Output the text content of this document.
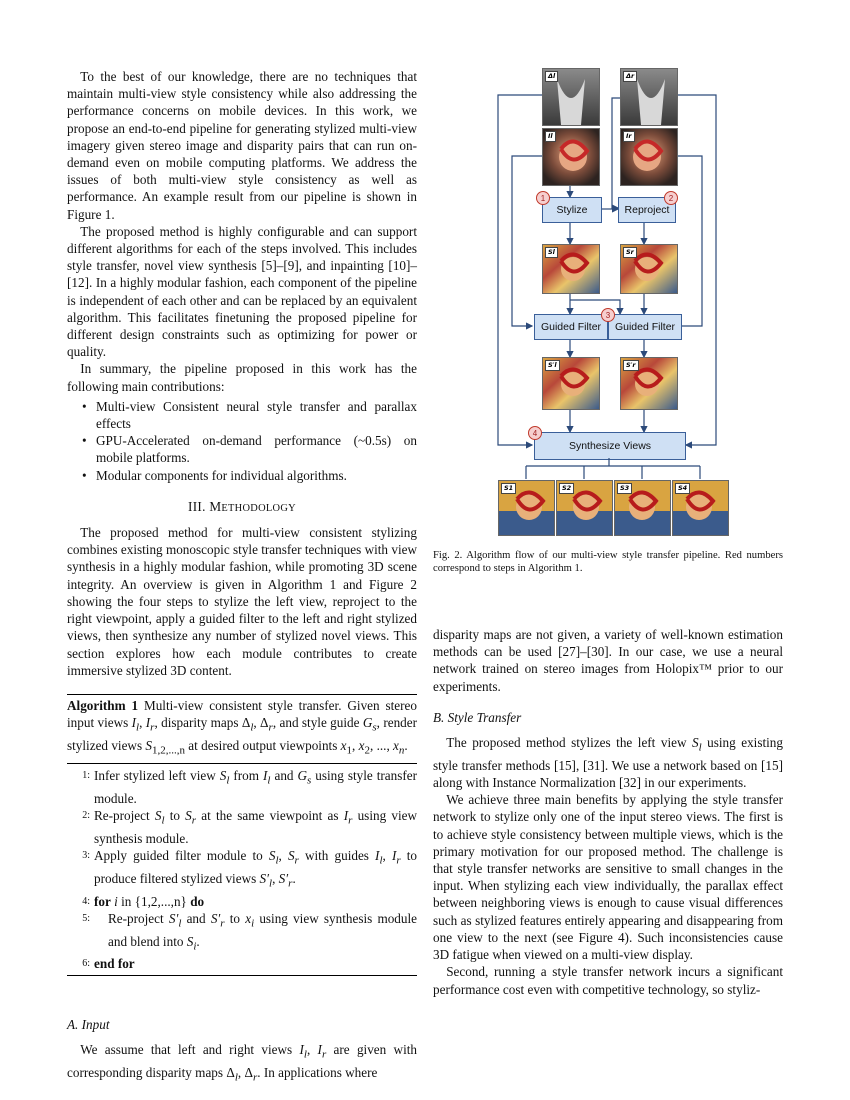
To the best of our knowledge, there are no techniques that maintain multi-view style consistency while also addressing the performance concerns on mobile devices. In this work, we propose an end-to-end pipeline for generating stylized multi-view imagery given stereo image and disparity pairs that can run on-demand even on mobile computing platforms. We address the issues of both multi-view style consistency as well as performance. An example result from our pipeline is shown in Figure 1.

The proposed method is highly configurable and can support different algorithms for each of the steps involved. This includes style transfer, novel view synthesis [5]–[9], and inpainting [10]–[12]. In a highly modular fashion, each component of the pipeline is independent of each other and can be replaced by an equivalent algorithm. This facilitates finetuning the proposed pipeline for different design constraints such as optimizing for power or quality.

In summary, the pipeline proposed in this work has the following main contributions:

• Multi-view Consistent neural style transfer and parallax effects
• GPU-Accelerated on-demand performance (~0.5s) on mobile platforms.
• Modular components for individual algorithms.
III. METHODOLOGY

The proposed method for multi-view consistent stylizing combines existing monoscopic style transfer techniques with view synthesis in a highly modular fashion, while promoting 3D scene integrity. An overview is given in Algorithm 1 and Figure 2 showing the four steps to stylize the left view, reproject to the right viewpoint, apply a guided filter to the left and right stylized views, then synthesize any number of stylized novel views. This section explores how each module contributes to create immersive stylized 3D content.

Algorithm 1 Multi-view consistent style transfer. Given stereo input views $I_l$, $I_r$, disparity maps $\Delta_l$, $\Delta_r$, and style guide $G_s$, render stylized views $S_{1,2,...,n}$ at desired output viewpoints $x_1$, $x_2$, ..., $x_n$.
1: Infer stylized left view $S_l$ from $I_l$ and $G_s$ using style transfer module.
2: Re-project $S_l$ to $S_r$ at the same viewpoint as $I_r$ using view synthesis module.
3: Apply guided filter module to $S_l$, $S_r$ with guides $I_l$, $I_r$ to produce filtered stylized views $S'_l$, $S'_r$.
4: for i in {1,2,...,n} do
5:	Re-project $S'_l$ and $S'_r$ to $x_i$ using view synthesis module and blend into $S_i$.
6: end for
A. Input

We assume that left and right views $I_l$, $I_r$ are given with corresponding disparity maps $\Delta_l$, $\Delta_r$. In applications where

Δl	Δr
Il	Ir
Stylize	Reproject
1	2
Sl	Sr
Guided Filter	Guided Filter
3
S′l	S′r
Synthesize Views
4
S1	S2	S3	S4
Fig. 2. Algorithm flow of our multi-view style transfer pipeline. Red numbers correspond to steps in Algorithm 1.

disparity maps are not given, a variety of well-known estimation methods can be used [27]–[30]. In our case, we use a neural network trained on stereo images from Holopix™ prior to our experiments.

B. Style Transfer

The proposed method stylizes the left view $S_l$ using existing style transfer methods [15], [31]. We use a network based on [15] along with Instance Normalization [32] in our experiments.

We achieve three main benefits by applying the style transfer network to stylize only one of the input stereo views. The first is to achieve style consistency between multiple views, which is the primary motivation for our proposed method. The challenge is that style transfer networks are sensitive to small changes in the input. When stylizing each view individually, the parallax effect between neighboring views is enough to cause visual differences such as stylized features entirely appearing and disappearing from one view to the next (see Figure 4). Such inconsistencies cause 3D fatigue when viewed on a multi-view display.

Second, running a style transfer network incurs a significant performance cost even with competitive technology, so styliz-
